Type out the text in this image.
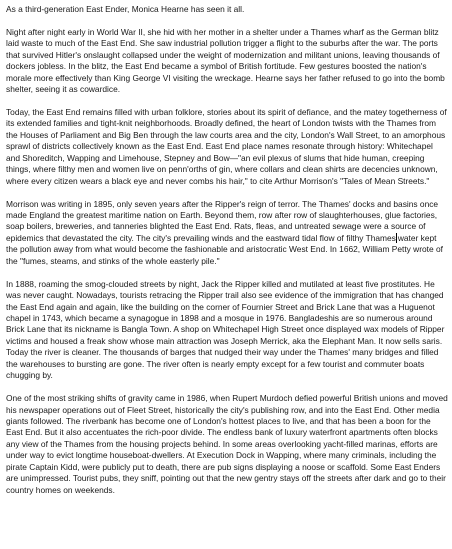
As a third-generation East Ender, Monica Hearne has seen it all.

Night after night early in World War II, she hid with her mother in a shelter under a Thames wharf as the German blitz laid waste to much of the East End. She saw industrial pollution trigger a flight to the suburbs after the war. The ports that survived Hitler's onslaught collapsed under the weight of modernization and militant unions, leaving thousands of dockers jobless. In the blitz, the East End became a symbol of British fortitude. Few gestures boosted the nation's morale more effectively than King George VI visiting the wreckage. Hearne says her father refused to go into the bomb shelter, seeing it as cowardice.

Today, the East End remains filled with urban folklore, stories about its spirit of defiance, and the matey togetherness of its extended families and tight-knit neighborhoods. Broadly defined, the heart of London twists with the Thames from the Houses of Parliament and Big Ben through the law courts area and the city, London's Wall Street, to an amorphous sprawl of districts collectively known as the East End. East End place names resonate through history: Whitechapel and Shoreditch, Wapping and Limehouse, Stepney and Bow—"an evil plexus of slums that hide human, creeping things, where filthy men and women live on penn'orths of gin, where collars and clean shirts are decencies unknown, where every citizen wears a black eye and never combs his hair," to cite Arthur Morrison's "Tales of Mean Streets."

Morrison was writing in 1895, only seven years after the Ripper's reign of terror. The Thames' docks and basins once made England the greatest maritime nation on Earth. Beyond them, row after row of slaughterhouses, glue factories, soap boilers, breweries, and tanneries blighted the East End. Rats, fleas, and untreated sewage were a source of epidemics that devastated the city. The city's prevailing winds and the eastward tidal flow of filthy Thames water kept the pollution away from what would become the fashionable and aristocratic West End. In 1662, William Petty wrote of the "fumes, steams, and stinks of the whole easterly pile."

In 1888, roaming the smog-clouded streets by night, Jack the Ripper killed and mutilated at least five prostitutes. He was never caught. Nowadays, tourists retracing the Ripper trail also see evidence of the immigration that has changed the East End again and again, like the building on the corner of Fournier Street and Brick Lane that was a Huguenot chapel in 1743, which became a synagogue in 1898 and a mosque in 1976. Bangladeshis are so numerous around Brick Lane that its nickname is Bangla Town. A shop on Whitechapel High Street once displayed wax models of Ripper victims and housed a freak show whose main attraction was Joseph Merrick, aka the Elephant Man. It now sells saris. Today the river is cleaner. The thousands of barges that nudged their way under the Thames' many bridges and filled the warehouses to bursting are gone. The river often is nearly empty except for a few tourist and commuter boats chugging by.

One of the most striking shifts of gravity came in 1986, when Rupert Murdoch defied powerful British unions and moved his newspaper operations out of Fleet Street, historically the city's publishing row, and into the East End. Other media giants followed. The riverbank has become one of London's hottest places to live, and that has been a boon for the East End. But it also accentuates the rich-poor divide. The endless bank of luxury waterfront apartments often blocks any view of the Thames from the housing projects behind. In some areas overlooking yacht-filled marinas, efforts are under way to evict longtime houseboat-dwellers. At Execution Dock in Wapping, where many criminals, including the pirate Captain Kidd, were publicly put to death, there are pub signs displaying a noose or scaffold. Some East Enders are unimpressed. Tourist pubs, they sniff, pointing out that the new gentry stays off the streets after dark and go to their country homes on weekends.
